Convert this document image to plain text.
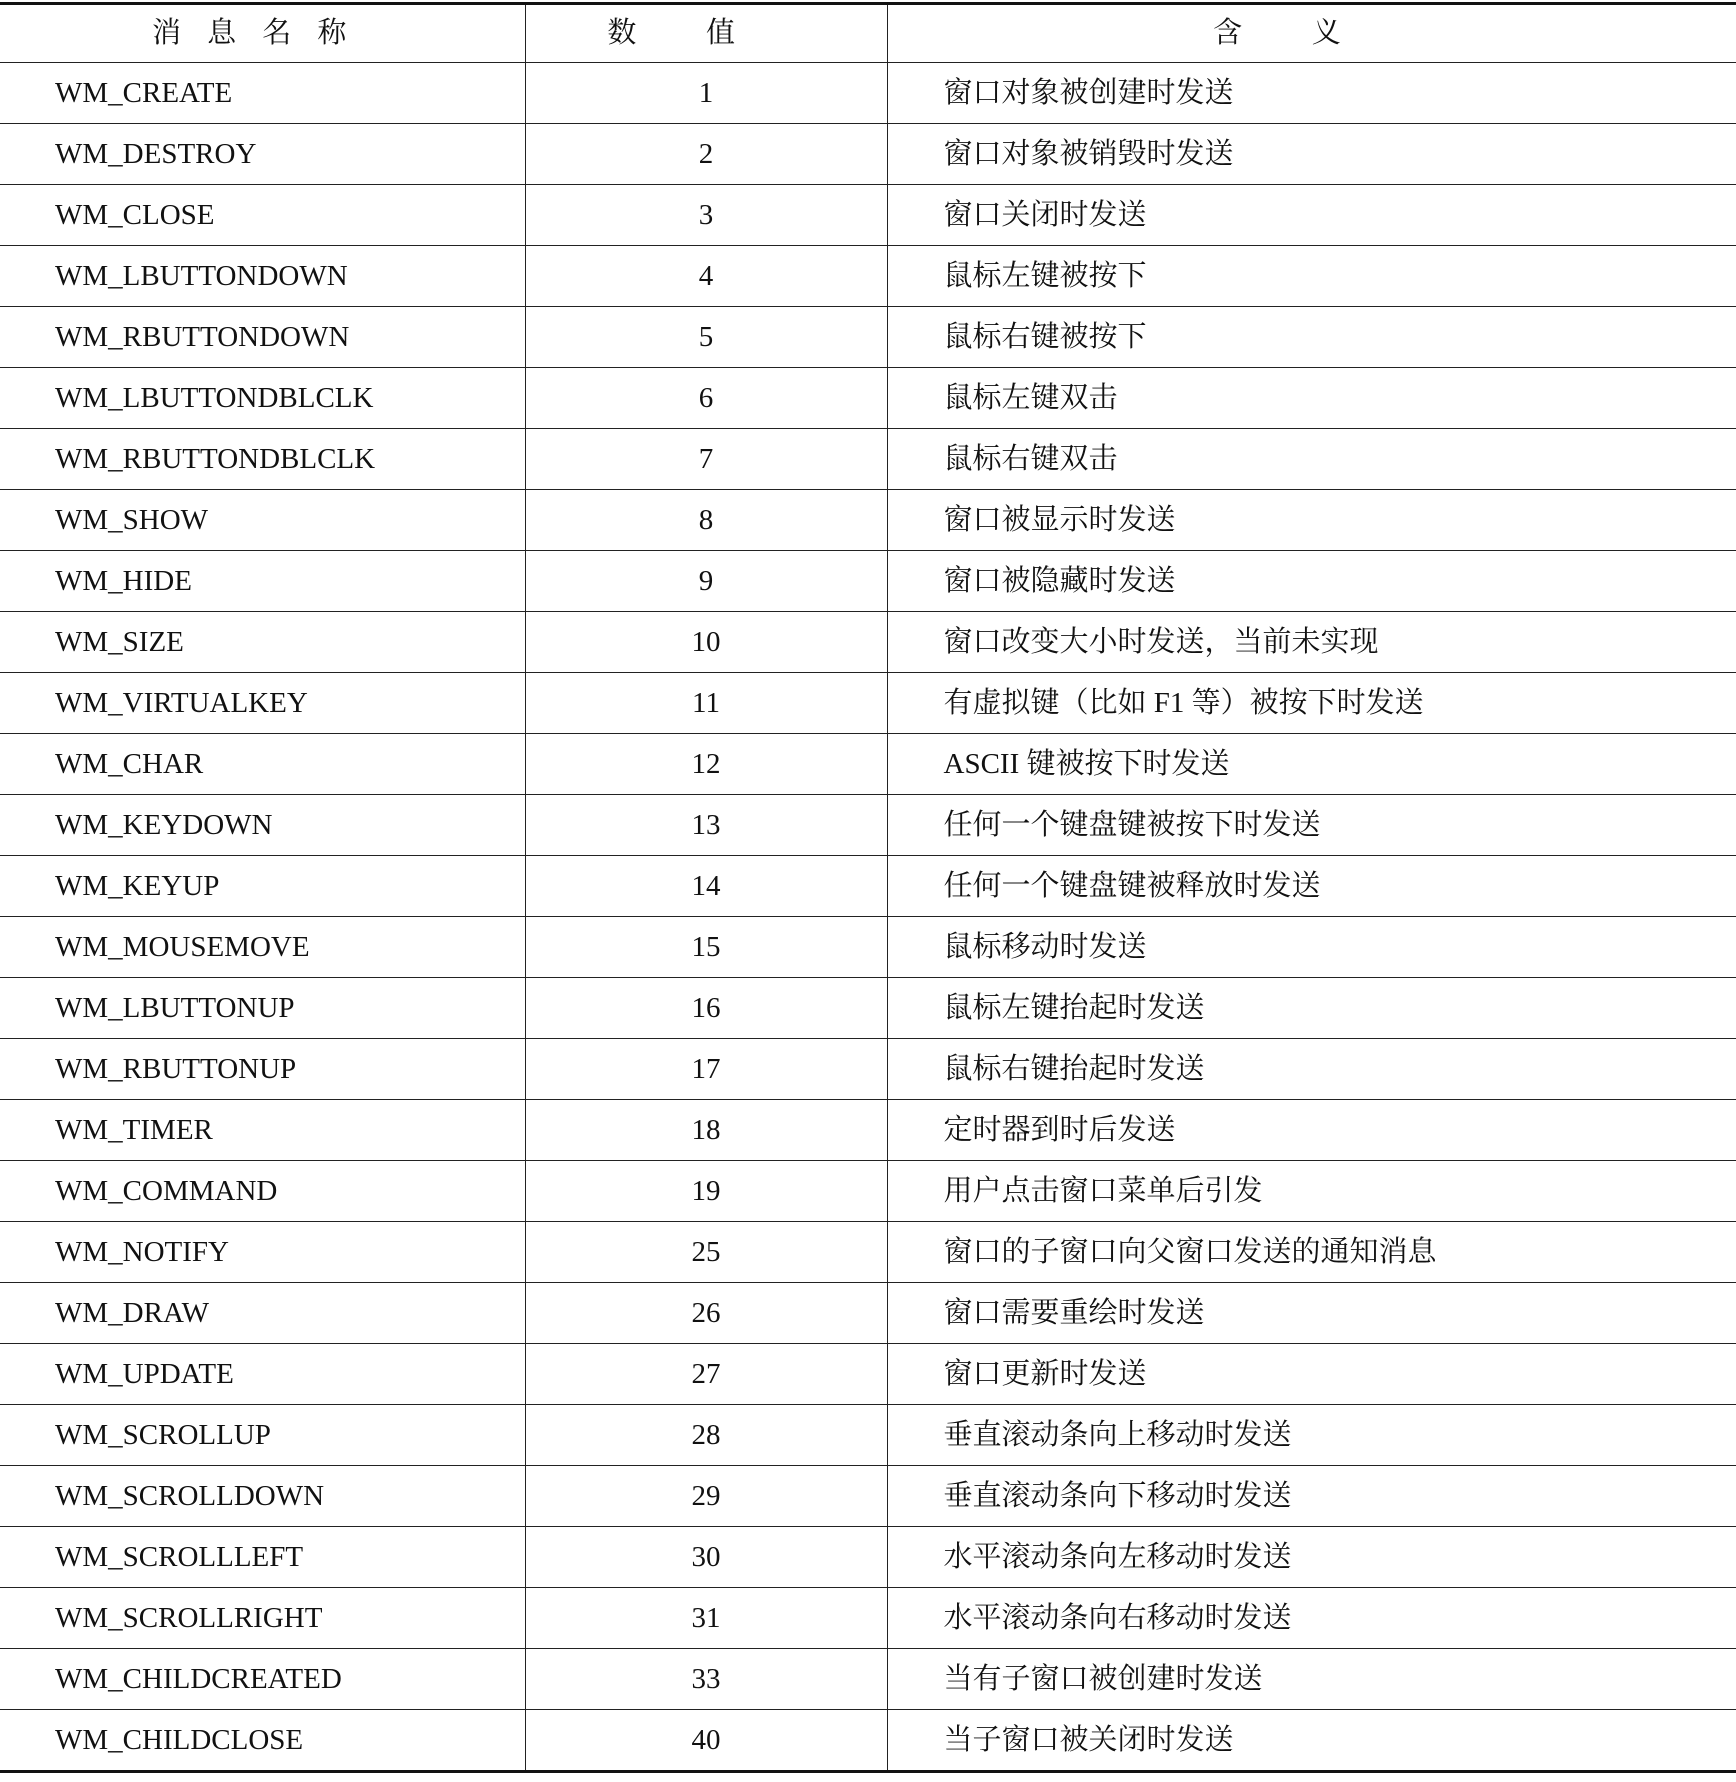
消息名称	数值	含义
WM_CREATE	1	窗口对象被创建时发送
WM_DESTROY	2	窗口对象被销毁时发送
WM_CLOSE	3	窗口关闭时发送
WM_LBUTTONDOWN	4	鼠标左键被按下
WM_RBUTTONDOWN	5	鼠标右键被按下
WM_LBUTTONDBLCLK	6	鼠标左键双击
WM_RBUTTONDBLCLK	7	鼠标右键双击
WM_SHOW	8	窗口被显示时发送
WM_HIDE	9	窗口被隐藏时发送
WM_SIZE	10	窗口改变大小时发送，当前未实现
WM_VIRTUALKEY	11	有虚拟键（比如 F1 等）被按下时发送
WM_CHAR	12	ASCII 键被按下时发送
WM_KEYDOWN	13	任何一个键盘键被按下时发送
WM_KEYUP	14	任何一个键盘键被释放时发送
WM_MOUSEMOVE	15	鼠标移动时发送
WM_LBUTTONUP	16	鼠标左键抬起时发送
WM_RBUTTONUP	17	鼠标右键抬起时发送
WM_TIMER	18	定时器到时后发送
WM_COMMAND	19	用户点击窗口菜单后引发
WM_NOTIFY	25	窗口的子窗口向父窗口发送的通知消息
WM_DRAW	26	窗口需要重绘时发送
WM_UPDATE	27	窗口更新时发送
WM_SCROLLUP	28	垂直滚动条向上移动时发送
WM_SCROLLDOWN	29	垂直滚动条向下移动时发送
WM_SCROLLLEFT	30	水平滚动条向左移动时发送
WM_SCROLLRIGHT	31	水平滚动条向右移动时发送
WM_CHILDCREATED	33	当有子窗口被创建时发送
WM_CHILDCLOSE	40	当子窗口被关闭时发送
